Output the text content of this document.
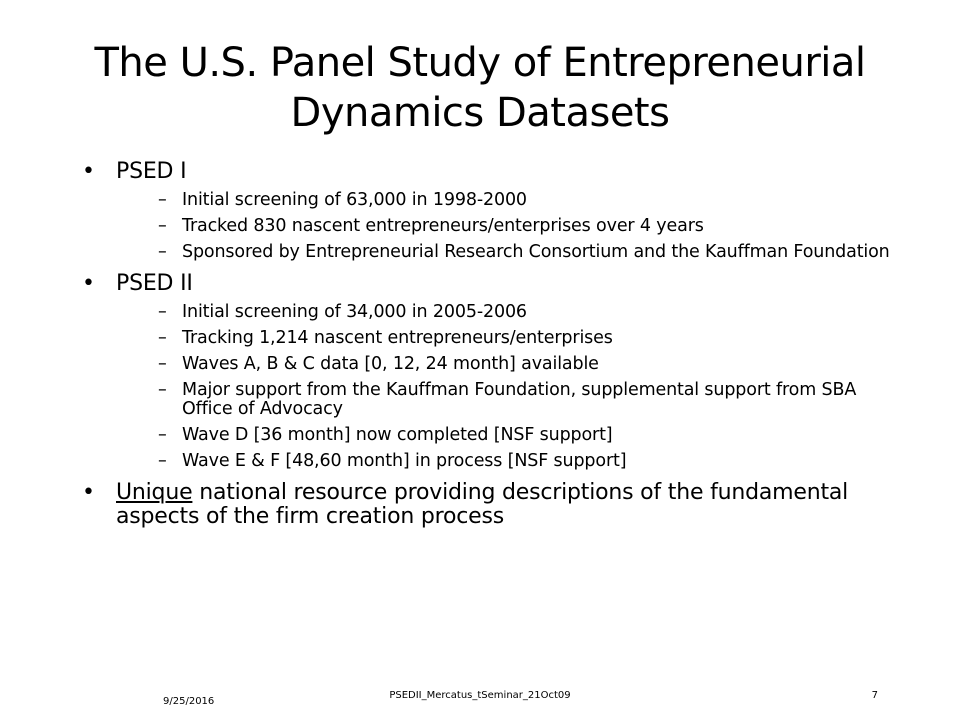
The U.S. Panel Study of Entrepreneurial Dynamics Datasets
• PSED I
– Initial screening of 63,000 in 1998-2000
– Tracked 830 nascent entrepreneurs/enterprises over 4 years
– Sponsored by Entrepreneurial Research Consortium and the Kauffman Foundation
• PSED II
– Initial screening of 34,000 in 2005-2006
– Tracking 1,214 nascent entrepreneurs/enterprises
– Waves A, B & C data [0, 12, 24 month] available
– Major support from the Kauffman Foundation, supplemental support from SBA Office of Advocacy
– Wave D [36 month] now completed [NSF support]
– Wave E & F [48,60 month] in process [NSF support]
• Unique national resource providing descriptions of the fundamental aspects of the firm creation process
9/25/2016
PSEDII_Mercatus_tSeminar_21Oct09	7
